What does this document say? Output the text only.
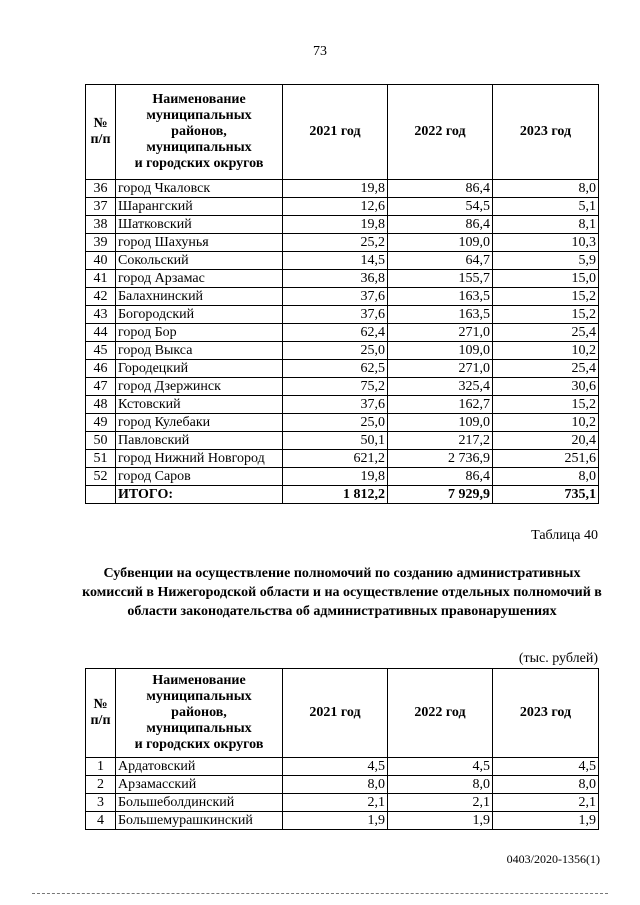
73
№
п/п	Наименование
муниципальных
районов,
муниципальных
и городских округов	2021 год	2022 год	2023 год
36	город Чкаловск	19,8	86,4	8,0
37	Шарангский	12,6	54,5	5,1
38	Шатковский	19,8	86,4	8,1
39	город Шахунья	25,2	109,0	10,3
40	Сокольский	14,5	64,7	5,9
41	город Арзамас	36,8	155,7	15,0
42	Балахнинский	37,6	163,5	15,2
43	Богородский	37,6	163,5	15,2
44	город Бор	62,4	271,0	25,4
45	город Выкса	25,0	109,0	10,2
46	Городецкий	62,5	271,0	25,4
47	город Дзержинск	75,2	325,4	30,6
48	Кстовский	37,6	162,7	15,2
49	город Кулебаки	25,0	109,0	10,2
50	Павловский	50,1	217,2	20,4
51	город Нижний Новгород	621,2	2 736,9	251,6
52	город Саров	19,8	86,4	8,0
	ИТОГО:	1 812,2	7 929,9	735,1
Таблица 40
Субвенции на осуществление полномочий по созданию административных комиссий в Нижегородской области и на осуществление отдельных полномочий в области законодательства об административных правонарушениях
(тыс. рублей)
№
п/п	Наименование
муниципальных
районов,
муниципальных
и городских округов	2021 год	2022 год	2023 год
1	Ардатовский	4,5	4,5	4,5
2	Арзамасский	8,0	8,0	8,0
3	Большеболдинский	2,1	2,1	2,1
4	Большемурашкинский	1,9	1,9	1,9
0403/2020-1356(1)
